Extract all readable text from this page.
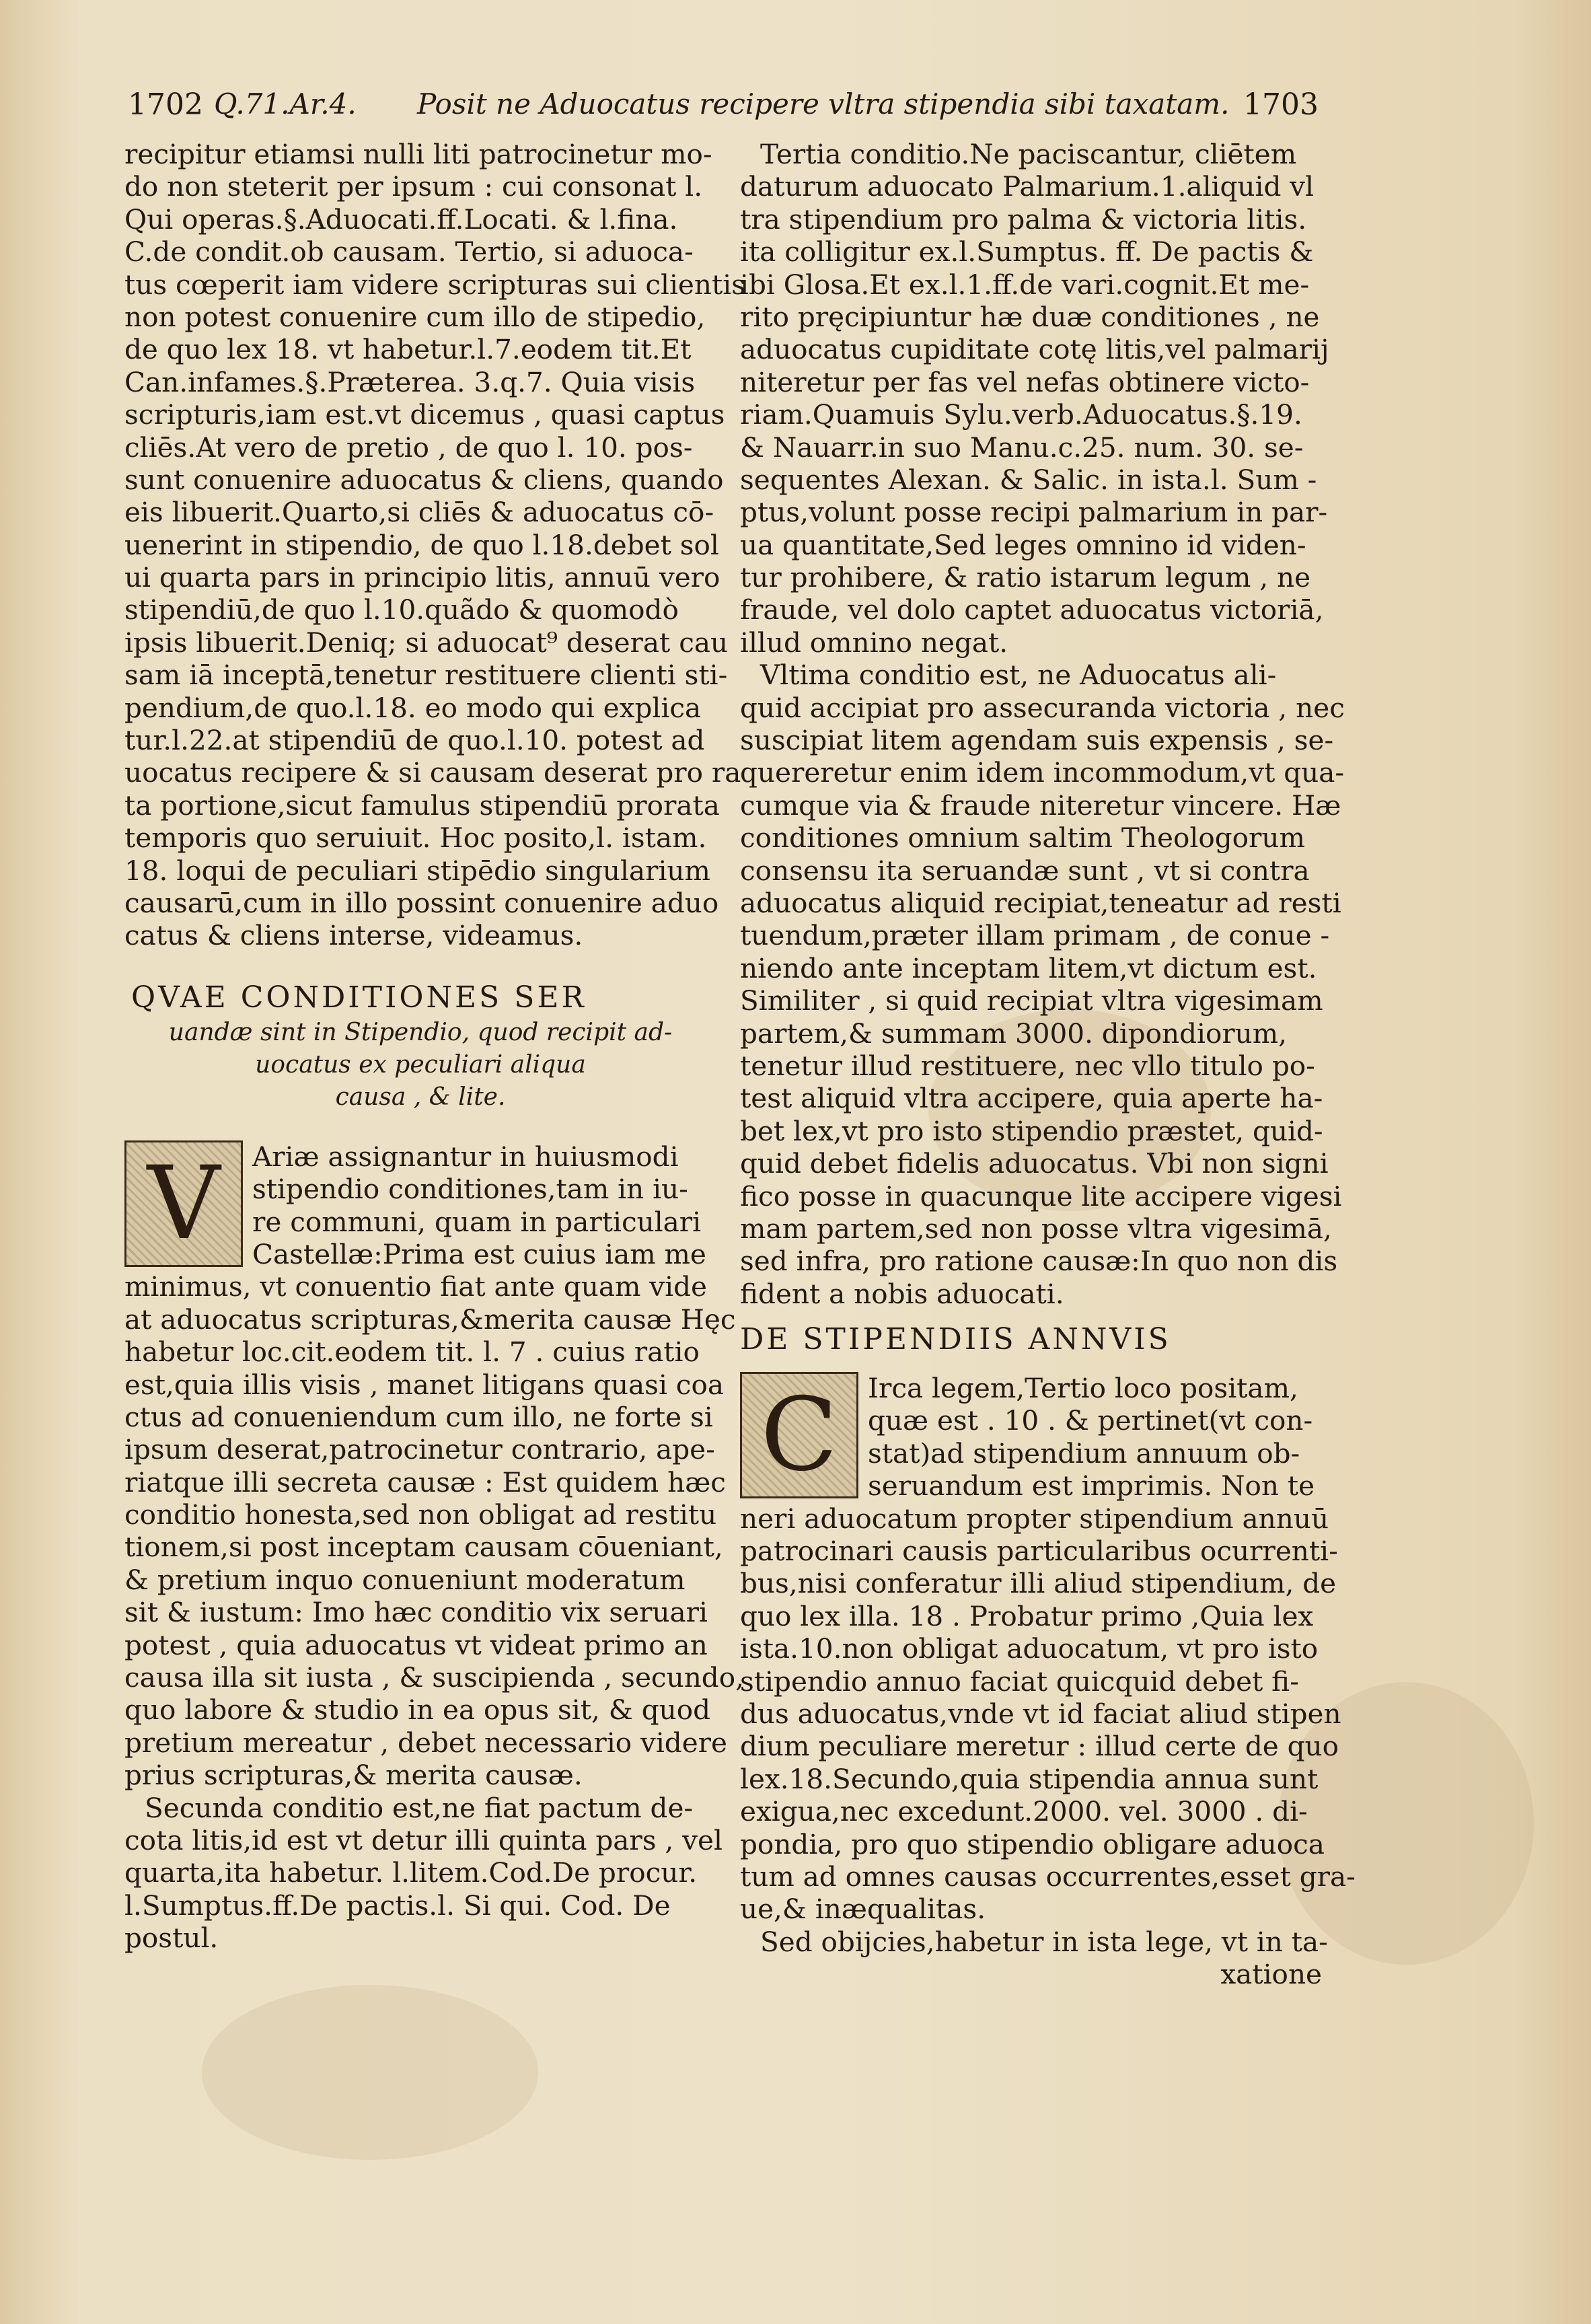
1702 Q.71.Ar.4. Posit ne Aduocatus recipere vltra stipendia sibi taxatam. 1703
recipitur etiamsi nulli liti patrocinetur mo-
do non steterit per ipsum : cui consonat l.
Qui operas.§.Aduocati.ff.Locati. & l.fina.
C.de condit.ob causam. Tertio, si aduoca-
tus cœperit iam videre scripturas sui clientis
non potest conuenire cum illo de stipedio,
de quo lex 18. vt habetur.l.7.eodem tit.Et
Can.infames.§.Præterea. 3.q.7. Quia visis
scripturis,iam est.vt dicemus , quasi captus
cliēs.At vero de pretio , de quo l. 10. pos-
sunt conuenire aduocatus & cliens, quando
eis libuerit.Quarto,si cliēs & aduocatus cō-
uenerint in stipendio, de quo l.18.debet sol
ui quarta pars in principio litis, annuū vero
stipendiū,de quo l.10.quãdo & quomodò
ipsis libuerit.Deniq; si aduocat⁹ deserat cau
sam iā inceptā,tenetur restituere clienti sti-
pendium,de quo.l.18. eo modo qui explica
tur.l.22.at stipendiū de quo.l.10. potest ad
uocatus recipere & si causam deserat pro ra
ta portione,sicut famulus stipendiū prorata
temporis quo seruiuit. Hoc posito,l. istam.
18. loqui de peculiari stipēdio singularium
causarū,cum in illo possint conuenire aduo
catus & cliens interse, videamus.
QVAE CONDITIONES SER
uandæ sint in Stipendio, quod recipit ad-
uocatus ex peculiari aliqua
causa , & lite.
V Ariæ assignantur in huiusmodi
stipendio conditiones,tam in iu-
re communi, quam in particulari
Castellæ:Prima est cuius iam me
minimus, vt conuentio fiat ante quam vide
at aduocatus scripturas,&merita causæ Hęc
habetur loc.cit.eodem tit. l. 7 . cuius ratio
est,quia illis visis , manet litigans quasi coa
ctus ad conueniendum cum illo, ne forte si
ipsum deserat,patrocinetur contrario, ape-
riatque illi secreta causæ : Est quidem hæc
conditio honesta,sed non obligat ad restitu
tionem,si post inceptam causam cōueniant,
& pretium inquo conueniunt moderatum
sit & iustum: Imo hæc conditio vix seruari
potest , quia aduocatus vt videat primo an
causa illa sit iusta , & suscipienda , secundo,
quo labore & studio in ea opus sit, & quod
pretium mereatur , debet necessario videre
prius scripturas,& merita causæ.
Secunda conditio est,ne fiat pactum de-
cota litis,id est vt detur illi quinta pars , vel
quarta,ita habetur. l.litem.Cod.De procur.
l.Sumptus.ff.De pactis.l. Si qui. Cod. De
postul.
Tertia conditio.Ne paciscantur, cliētem
daturum aduocato Palmarium.1.aliquid vl
tra stipendium pro palma & victoria litis.
ita colligitur ex.l.Sumptus. ff. De pactis &
ibi Glosa.Et ex.l.1.ff.de vari.cognit.Et me-
rito pręcipiuntur hæ duæ conditiones , ne
aduocatus cupiditate cotę litis,vel palmarij
niteretur per fas vel nefas obtinere victo-
riam.Quamuis Sylu.verb.Aduocatus.§.19.
& Nauarr.in suo Manu.c.25. num. 30. se-
sequentes Alexan. & Salic. in ista.l. Sum -
ptus,volunt posse recipi palmarium in par-
ua quantitate,Sed leges omnino id viden-
tur prohibere, & ratio istarum legum , ne
fraude, vel dolo captet aduocatus victoriā,
illud omnino negat.
Vltima conditio est, ne Aduocatus ali-
quid accipiat pro assecuranda victoria , nec
suscipiat litem agendam suis expensis , se-
quereretur enim idem incommodum,vt qua-
cumque via & fraude niteretur vincere. Hæ
conditiones omnium saltim Theologorum
consensu ita seruandæ sunt , vt si contra
aduocatus aliquid recipiat,teneatur ad resti
tuendum,præter illam primam , de conue -
niendo ante inceptam litem,vt dictum est.
Similiter , si quid recipiat vltra vigesimam
partem,& summam 3000. dipondiorum,
tenetur illud restituere, nec vllo titulo po-
test aliquid vltra accipere, quia aperte ha-
bet lex,vt pro isto stipendio præstet, quid-
quid debet fidelis aduocatus. Vbi non signi
fico posse in quacunque lite accipere vigesi
mam partem,sed non posse vltra vigesimā,
sed infra, pro ratione causæ:In quo non dis
fident a nobis aduocati.
DE STIPENDIIS ANNVIS
C Irca legem,Tertio loco positam,
quæ est . 10 . & pertinet(vt con-
stat)ad stipendium annuum ob-
seruandum est imprimis. Non te
neri aduocatum propter stipendium annuū
patrocinari causis particularibus ocurrenti-
bus,nisi conferatur illi aliud stipendium, de
quo lex illa. 18 . Probatur primo ,Quia lex
ista.10.non obligat aduocatum, vt pro isto
stipendio annuo faciat quicquid debet fi-
dus aduocatus,vnde vt id faciat aliud stipen
dium peculiare meretur : illud certe de quo
lex.18.Secundo,quia stipendia annua sunt
exigua,nec excedunt.2000. vel. 3000 . di-
pondia, pro quo stipendio obligare aduoca
tum ad omnes causas occurrentes,esset gra-
ue,& inæqualitas.
Sed obijcies,habetur in ista lege, vt in ta-
xatione
